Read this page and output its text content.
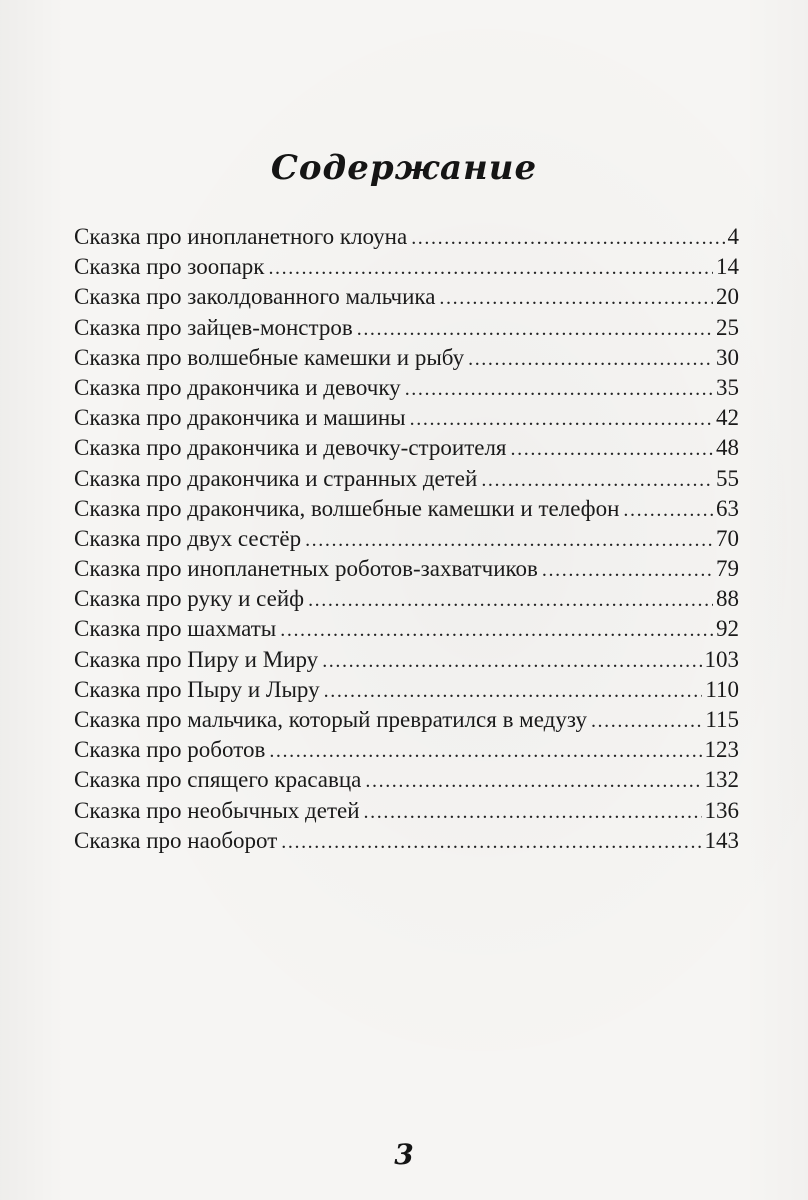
Содержание
Сказка про инопланетного клоуна .....	4
Сказка про зоопарк .....	14
Сказка про заколдованного мальчика .....	20
Сказка про зайцев-монстров .....	25
Сказка про волшебные камешки и рыбу .....	30
Сказка про дракончика и девочку .....	35
Сказка про дракончика и машины .....	42
Сказка про дракончика и девочку-строителя .....	48
Сказка про дракончика и странных детей .....	55
Сказка про дракончика, волшебные камешки и телефон .....	63
Сказка про двух сестёр .....	70
Сказка про инопланетных роботов-захватчиков .....	79
Сказка про руку и сейф .....	88
Сказка про шахматы .....	92
Сказка про Пиру и Миру .....	103
Сказка про Пыру и Лыру .....	110
Сказка про мальчика, который превратился в медузу .....	115
Сказка про роботов .....	123
Сказка про спящего красавца .....	132
Сказка про необычных детей .....	136
Сказка про наоборот .....	143
3
